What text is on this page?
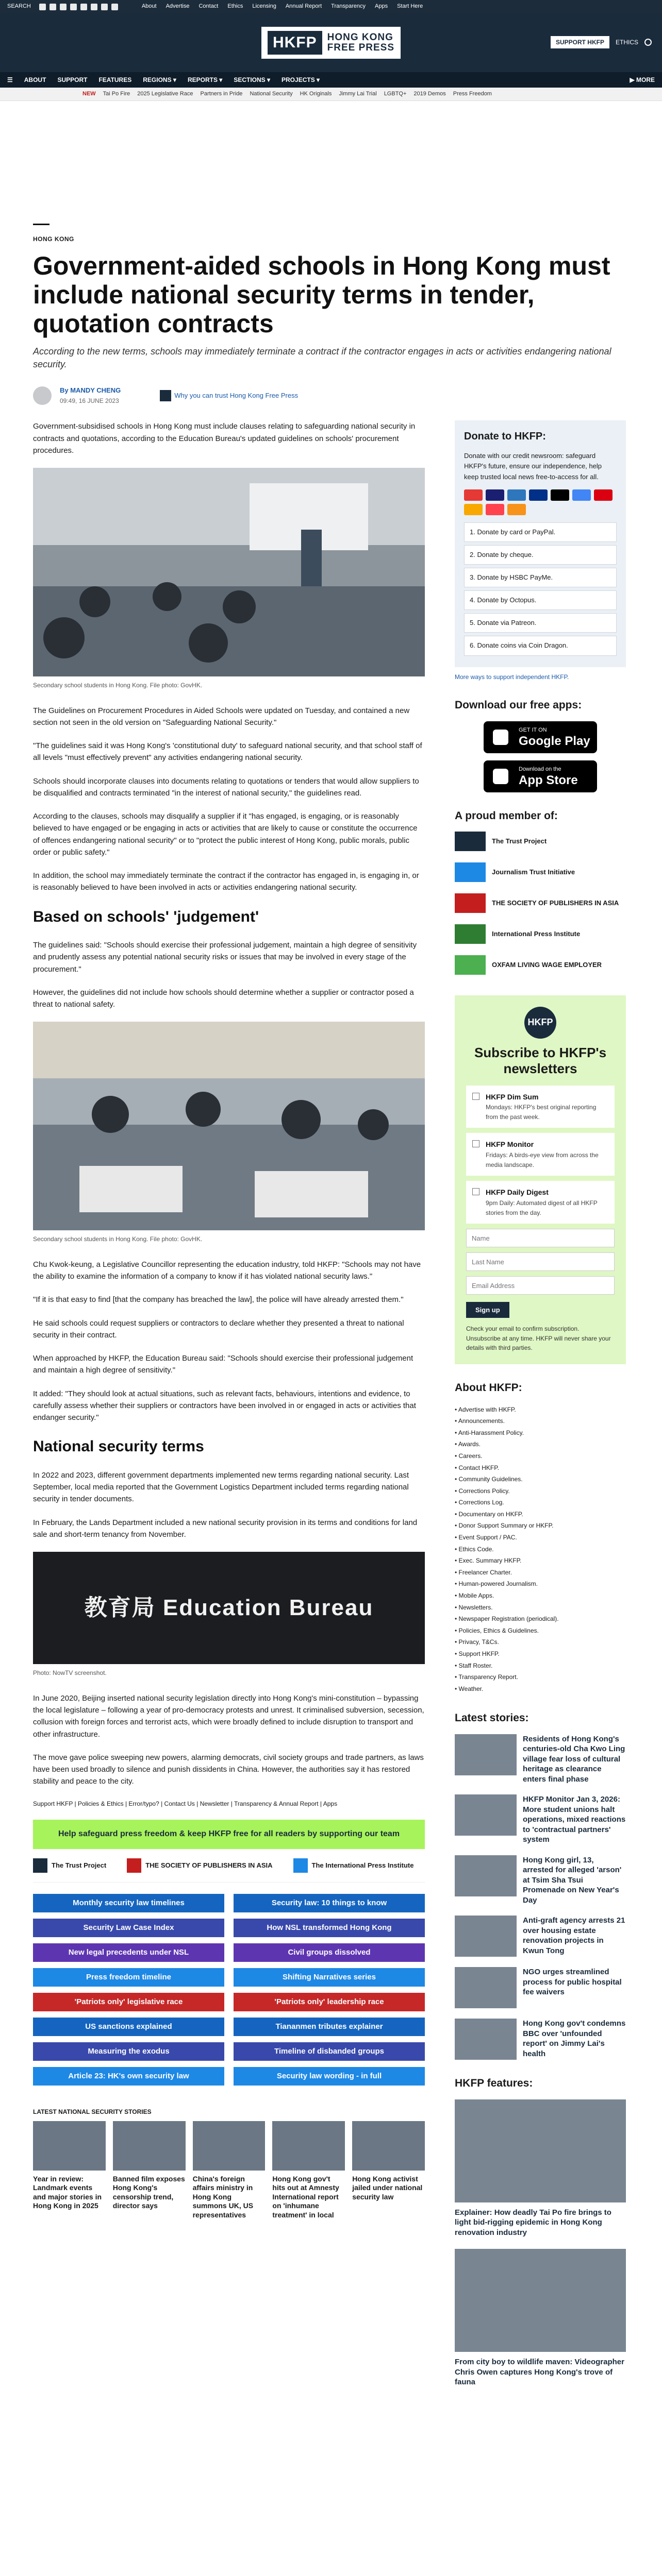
SEARCH	About Advertise Contact Ethics Licensing Annual Report Transparency Apps Start Here
HKFP	HONG KONG
FREE PRESS	SUPPORT HKFP	ETHICS
☰ ABOUT SUPPORT FEATURES REGIONS ▾ REPORTS ▾ SECTIONS ▾ PROJECTS ▾	▶ MORE
NEW Tai Po Fire 2025 Legislative Race Partners in Pride National Security HK Originals Jimmy Lai Trial LGBTQ+ 2019 Demos Press Freedom
HONG KONG
Government-aided schools in Hong Kong must include national security terms in tender, quotation contracts

According to the new terms, schools may immediately terminate a contract if the contractor engages in acts or activities endangering national security.

By MANDY CHENG
09:49, 16 JUNE 2023
Why you can trust Hong Kong Free Press

Government-subsidised schools in Hong Kong must include clauses relating to safeguarding national security in contracts and quotations, according to the Education Bureau's updated guidelines on schools' procurement procedures.

Secondary school students in Hong Kong. File photo: GovHK.

The Guidelines on Procurement Procedures in Aided Schools were updated on Tuesday, and contained a new section not seen in the old version on "Safeguarding National Security."

"The guidelines said it was Hong Kong's 'constitutional duty' to safeguard national security, and that school staff of all levels "must effectively prevent" any activities endangering national security.

Schools should incorporate clauses into documents relating to quotations or tenders that would allow suppliers to be disqualified and contracts terminated "in the interest of national security," the guidelines read.

According to the clauses, schools may disqualify a supplier if it "has engaged, is engaging, or is reasonably believed to have engaged or be engaging in acts or activities that are likely to cause or constitute the occurrence of offences endangering national security" or to "protect the public interest of Hong Kong, public morals, public order or public safety."

In addition, the school may immediately terminate the contract if the contractor has engaged in, is engaging in, or is reasonably believed to have been involved in acts or activities endangering national security.

Based on schools' 'judgement'

The guidelines said: "Schools should exercise their professional judgement, maintain a high degree of sensitivity and prudently assess any potential national security risks or issues that may be involved in every stage of the procurement."

However, the guidelines did not include how schools should determine whether a supplier or contractor posed a threat to national safety.

Secondary school students in Hong Kong. File photo: GovHK.

Chu Kwok-keung, a Legislative Councillor representing the education industry, told HKFP: "Schools may not have the ability to examine the information of a company to know if it has violated national security laws."

"If it is that easy to find [that the company has breached the law], the police will have already arrested them."

He said schools could request suppliers or contractors to declare whether they presented a threat to national security in their contract.

When approached by HKFP, the Education Bureau said: "Schools should exercise their professional judgement and maintain a high degree of sensitivity."

It added: "They should look at actual situations, such as relevant facts, behaviours, intentions and evidence, to carefully assess whether their suppliers or contractors have been involved in or engaged in acts or activities that endanger security."

National security terms

In 2022 and 2023, different government departments implemented new terms regarding national security. Last September, local media reported that the Government Logistics Department included terms regarding national security in tender documents.

In February, the Lands Department included a new national security provision in its terms and conditions for land sale and short-term tenancy from November.

教育局 Education Bureau
Photo: NowTV screenshot.

In June 2020, Beijing inserted national security legislation directly into Hong Kong's mini-constitution – bypassing the local legislature – following a year of pro-democracy protests and unrest. It criminalised subversion, secession, collusion with foreign forces and terrorist acts, which were broadly defined to include disruption to transport and other infrastructure.

The move gave police sweeping new powers, alarming democrats, civil society groups and trade partners, as laws have been used broadly to silence and punish dissidents in China. However, the authorities say it has restored stability and peace to the city.

Support HKFP | Policies & Ethics | Error/typo? | Contact Us | Newsletter | Transparency & Annual Report | Apps
Help safeguard press freedom & keep HKFP free for all readers by supporting our team
The Trust Project	THE SOCIETY OF PUBLISHERS IN ASIA	The International Press Institute
Monthly security law timelines	Security law: 10 things to know
Security Law Case Index	How NSL transformed Hong Kong
New legal precedents under NSL	Civil groups dissolved
Press freedom timeline	Shifting Narratives series
'Patriots only' legislative race	'Patriots only' leadership race
US sanctions explained	Tiananmen tributes explainer
Measuring the exodus	Timeline of disbanded groups
Article 23: HK's own security law	Security law wording - in full
LATEST NATIONAL SECURITY STORIES
Year in review: Landmark events and major stories in Hong Kong in 2025
Banned film exposes Hong Kong's censorship trend, director says
China's foreign affairs ministry in Hong Kong summons UK, US representatives
Hong Kong gov't hits out at Amnesty International report on 'inhumane treatment' in local
Hong Kong activist jailed under national security law
Donate to HKFP:

Donate with our credit newsroom: safeguard HKFP's future, ensure our independence, help keep trusted local news free-to-access for all.

1. Donate by card or PayPal.
2. Donate by cheque.
3. Donate by HSBC PayMe.
4. Donate by Octopus.
5. Donate via Patreon.
6. Donate coins via Coin Dragon.
More ways to support independent HKFP.
Download our free apps:
GET IT ON
Google Play
Download on the
App Store
A proud member of:
The Trust Project
Journalism Trust Initiative
THE SOCIETY OF PUBLISHERS IN ASIA
International Press Institute
OXFAM LIVING WAGE EMPLOYER
HKFP
Subscribe to HKFP's newsletters
HKFP Dim Sum
Mondays: HKFP's best original reporting from the past week.
HKFP Monitor
Fridays: A birds-eye view from across the media landscape.
HKFP Daily Digest
9pm Daily: Automated digest of all HKFP stories from the day.
Name Last Name Email Address
Sign up

Check your email to confirm subscription. Unsubscribe at any time. HKFP will never share your details with third parties.

About HKFP:
• Advertise with HKFP.
• Announcements.
• Anti-Harassment Policy.
• Awards.
• Careers.
• Contact HKFP.
• Community Guidelines.
• Corrections Policy.
• Corrections Log.
• Documentary on HKFP.
• Donor Support Summary or HKFP.
• Event Support / PAC.
• Ethics Code.
• Exec. Summary HKFP.
• Freelancer Charter.
• Human-powered Journalism.
• Mobile Apps.
• Newsletters.
• Newspaper Registration (periodical).
• Policies, Ethics & Guidelines.
• Privacy, T&Cs.
• Support HKFP.
• Staff Roster.
• Transparency Report.
• Weather.
Latest stories:
Residents of Hong Kong's centuries-old Cha Kwo Ling village fear loss of cultural heritage as clearance enters final phase
HKFP Monitor Jan 3, 2026: More student unions halt operations, mixed reactions to 'contractual partners' system
Hong Kong girl, 13, arrested for alleged 'arson' at Tsim Sha Tsui Promenade on New Year's Day
Anti-graft agency arrests 21 over housing estate renovation projects in Kwun Tong
NGO urges streamlined process for public hospital fee waivers
Hong Kong gov't condemns BBC over 'unfounded report' on Jimmy Lai's health
HKFP features:
Explainer: How deadly Tai Po fire brings to light bid-rigging epidemic in Hong Kong renovation industry
From city boy to wildlife maven: Videographer Chris Owen captures Hong Kong's trove of fauna
